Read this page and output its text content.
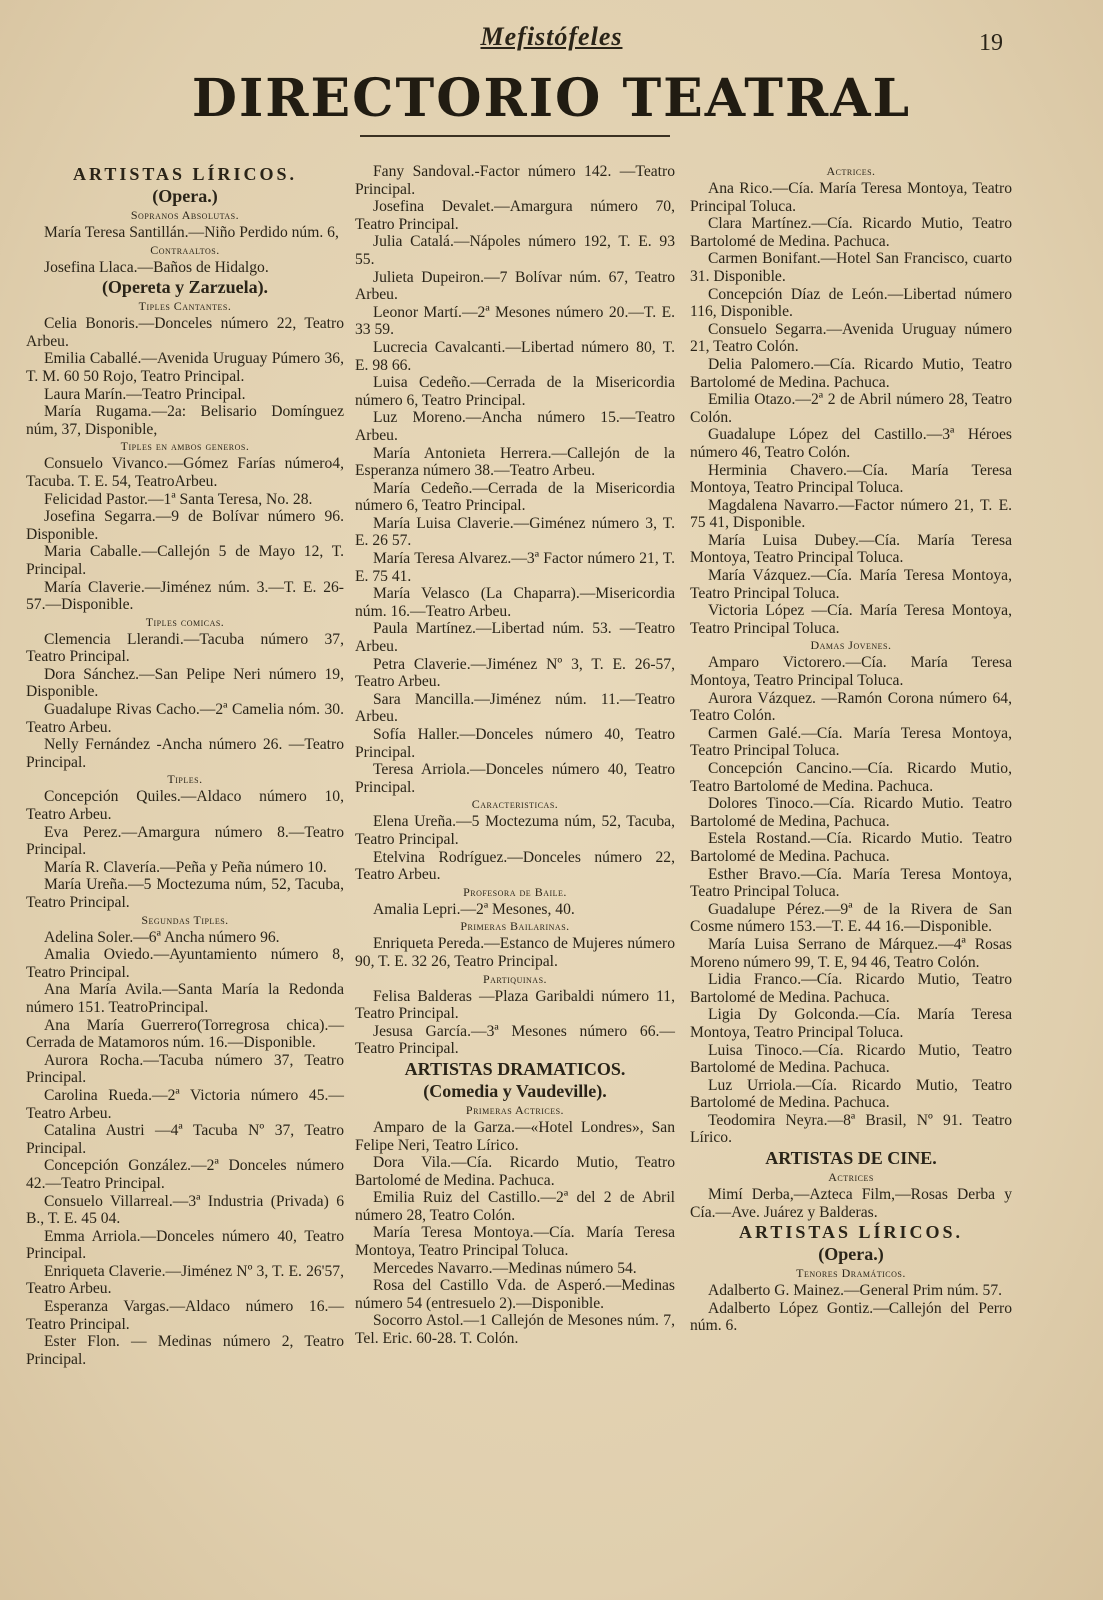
Mefistófeles	19
DIRECTORIO TEATRAL
ARTISTAS LÍRICOS.
(Opera.)
Sopranos Absolutas.

María Teresa Santillán.—Niño Perdido núm. 6,

Contraaltos.

Josefina Llaca.—Baños de Hidalgo.

(Opereta y Zarzuela).
Tiples Cantantes.

Celia Bonoris.—Donceles número 22, Teatro Arbeu.

Emilia Caballé.—Avenida Uruguay Púmero 36, T. M. 60 50 Rojo, Teatro Principal.

Laura Marín.—Teatro Principal.

María Rugama.—2a: Belisario Domínguez núm, 37, Disponible,

Tiples en ambos generos.

Consuelo Vivanco.—Gómez Farías número4, Tacuba. T. E. 54, TeatroArbeu.

Felicidad Pastor.—1ª Santa Teresa, No. 28.

Josefina Segarra.—9 de Bolívar número 96. Disponible.

Maria Caballe.—Callejón 5 de Mayo 12, T. Principal.

María Claverie.—Jiménez núm. 3.—T. E. 26-57.—Disponible.

Tiples comicas.

Clemencia Llerandi.—Tacuba número 37, Teatro Principal.

Dora Sánchez.—San Pelipe Neri número 19, Disponible.

Guadalupe Rivas Cacho.—2ª Camelia nóm. 30. Teatro Arbeu.

Nelly Fernández -Ancha número 26. —Teatro Principal.

Tiples.

Concepción Quiles.—Aldaco número 10, Teatro Arbeu.

Eva Perez.—Amargura número 8.—Teatro Principal.

María R. Clavería.—Peña y Peña número 10.

María Ureña.—5 Moctezuma núm, 52, Tacuba, Teatro Principal.

Segundas Tiples.

Adelina Soler.—6ª Ancha número 96.

Amalia Oviedo.—Ayuntamiento número 8, Teatro Principal.

Ana María Avila.—Santa María la Redonda número 151. TeatroPrincipal.

Ana María Guerrero(Torregrosa chica).—Cerrada de Matamoros núm. 16.—Disponible.

Aurora Rocha.—Tacuba número 37, Teatro Principal.

Carolina Rueda.—2ª Victoria número 45.—Teatro Arbeu.

Catalina Austri —4ª Tacuba Nº 37, Teatro Principal.

Concepción González.—2ª Donceles número 42.—Teatro Principal.

Consuelo Villarreal.—3ª Industria (Privada) 6 B., T. E. 45 04.

Emma Arriola.—Donceles número 40, Teatro Principal.

Enriqueta Claverie.—Jiménez Nº 3, T. E. 26'57, Teatro Arbeu.

Esperanza Vargas.—Aldaco número 16.—Teatro Principal.

Ester Flon. — Medinas número 2, Teatro Principal.

Fany Sandoval.-Factor número 142. —Teatro Principal.

Josefina Devalet.—Amargura número 70, Teatro Principal.

Julia Catalá.—Nápoles número 192, T. E. 93 55.

Julieta Dupeiron.—7 Bolívar núm. 67, Teatro Arbeu.

Leonor Martí.—2ª Mesones número 20.—T. E. 33 59.

Lucrecia Cavalcanti.—Libertad número 80, T. E. 98 66.

Luisa Cedeño.—Cerrada de la Misericordia número 6, Teatro Principal.

Luz Moreno.—Ancha número 15.—Teatro Arbeu.

María Antonieta Herrera.—Callejón de la Esperanza número 38.—Teatro Arbeu.

María Cedeño.—Cerrada de la Misericordia número 6, Teatro Principal.

María Luisa Claverie.—Giménez número 3, T. E. 26 57.

María Teresa Alvarez.—3ª Factor número 21, T. E. 75 41.

María Velasco (La Chaparra).—Misericordia núm. 16.—Teatro Arbeu.

Paula Martínez.—Libertad núm. 53. —Teatro Arbeu.

Petra Claverie.—Jiménez Nº 3, T. E. 26-57, Teatro Arbeu.

Sara Mancilla.—Jiménez núm. 11.—Teatro Arbeu.

Sofía Haller.—Donceles número 40, Teatro Principal.

Teresa Arriola.—Donceles número 40, Teatro Principal.

Caracteristicas.

Elena Ureña.—5 Moctezuma núm, 52, Tacuba, Teatro Principal.

Etelvina Rodríguez.—Donceles número 22, Teatro Arbeu.

Profesora de Baile.

Amalia Lepri.—2ª Mesones, 40.

Primeras Bailarinas.

Enriqueta Pereda.—Estanco de Mujeres número 90, T. E. 32 26, Teatro Principal.

Partiquinas.

Felisa Balderas —Plaza Garibaldi número 11, Teatro Principal.

Jesusa García.—3ª Mesones número 66.—Teatro Principal.

ARTISTAS DRAMATICOS.
(Comedia y Vaudeville).
Primeras Actrices.

Amparo de la Garza.—«Hotel Londres», San Felipe Neri, Teatro Lírico.

Dora Vila.—Cía. Ricardo Mutio, Teatro Bartolomé de Medina. Pachuca.

Emilia Ruiz del Castillo.—2ª del 2 de Abril número 28, Teatro Colón.

María Teresa Montoya.—Cía. María Teresa Montoya, Teatro Principal Toluca.

Mercedes Navarro.—Medinas número 54.

Rosa del Castillo Vda. de Asperó.—Medinas número 54 (entresuelo 2).—Disponible.

Socorro Astol.—1 Callejón de Mesones núm. 7, Tel. Eric. 60-28. T. Colón.

Actrices.

Ana Rico.—Cía. María Teresa Montoya, Teatro Principal Toluca.

Clara Martínez.—Cía. Ricardo Mutio, Teatro Bartolomé de Medina. Pachuca.

Carmen Bonifant.—Hotel San Francisco, cuarto 31. Disponible.

Concepción Díaz de León.—Libertad número 116, Disponible.

Consuelo Segarra.—Avenida Uruguay número 21, Teatro Colón.

Delia Palomero.—Cía. Ricardo Mutio, Teatro Bartolomé de Medina. Pachuca.

Emilia Otazo.—2ª 2 de Abril número 28, Teatro Colón.

Guadalupe López del Castillo.—3ª Héroes número 46, Teatro Colón.

Herminia Chavero.—Cía. María Teresa Montoya, Teatro Principal Toluca.

Magdalena Navarro.—Factor número 21, T. E. 75 41, Disponible.

María Luisa Dubey.—Cía. María Teresa Montoya, Teatro Principal Toluca.

María Vázquez.—Cía. María Teresa Montoya, Teatro Principal Toluca.

Victoria López —Cía. María Teresa Montoya, Teatro Principal Toluca.

Damas Jovenes.

Amparo Victorero.—Cía. María Teresa Montoya, Teatro Principal Toluca.

Aurora Vázquez. —Ramón Corona número 64, Teatro Colón.

Carmen Galé.—Cía. María Teresa Montoya, Teatro Principal Toluca.

Concepción Cancino.—Cía. Ricardo Mutio, Teatro Bartolomé de Medina. Pachuca.

Dolores Tinoco.—Cía. Ricardo Mutio. Teatro Bartolomé de Medina, Pachuca.

Estela Rostand.—Cía. Ricardo Mutio. Teatro Bartolomé de Medina. Pachuca.

Esther Bravo.—Cía. María Teresa Montoya, Teatro Principal Toluca.

Guadalupe Pérez.—9ª de la Rivera de San Cosme número 153.—T. E. 44 16.—Disponible.

María Luisa Serrano de Márquez.—4ª Rosas Moreno número 99, T. E, 94 46, Teatro Colón.

Lidia Franco.—Cía. Ricardo Mutio, Teatro Bartolomé de Medina. Pachuca.

Ligia Dy Golconda.—Cía. María Teresa Montoya, Teatro Principal Toluca.

Luisa Tinoco.—Cía. Ricardo Mutio, Teatro Bartolomé de Medina. Pachuca.

Luz Urriola.—Cía. Ricardo Mutio, Teatro Bartolomé de Medina. Pachuca.

Teodomira Neyra.—8ª Brasil, Nº 91. Teatro Lírico.

ARTISTAS DE CINE.
Actrices

Mimí Derba,—Azteca Film,—Rosas Derba y Cía.—Ave. Juárez y Balderas.

ARTISTAS LÍRICOS.
(Opera.)
Tenores Dramáticos.

Adalberto G. Mainez.—General Prim núm. 57.

Adalberto López Gontiz.—Callejón del Perro núm. 6.
